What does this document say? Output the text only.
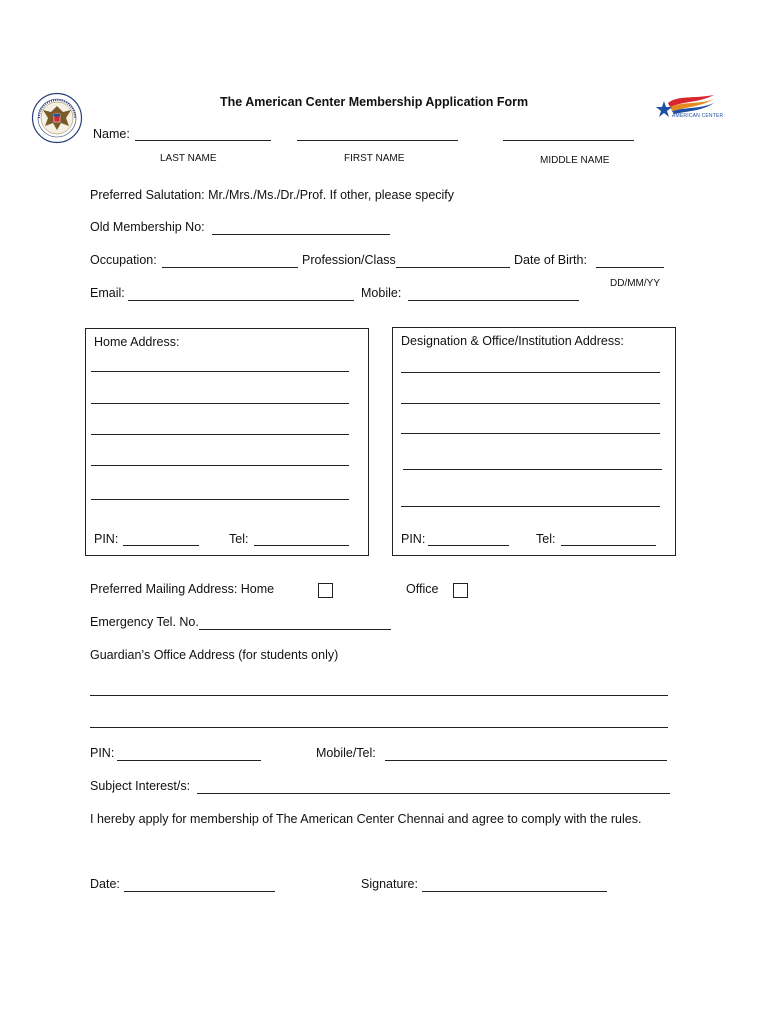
The American Center Membership Application Form
AMERICAN CENTER
Name:
LAST NAME	FIRST NAME	MIDDLE NAME
Preferred Salutation: Mr./Mrs./Ms./Dr./Prof. If other, please specify
Old Membership No:
Occupation:	Profession/Class	Date of Birth:
DD/MM/YY
Email:	Mobile:
Home Address:
PIN:	Tel:
Designation & Office/Institution Address:
PIN:	Tel:
Preferred Mailing Address: Home	Office
Emergency Tel. No.
Guardian’s Office Address (for students only)
PIN:	Mobile/Tel:
Subject Interest/s:
I hereby apply for membership of The American Center Chennai and agree to comply with the rules.
Date:	Signature:
